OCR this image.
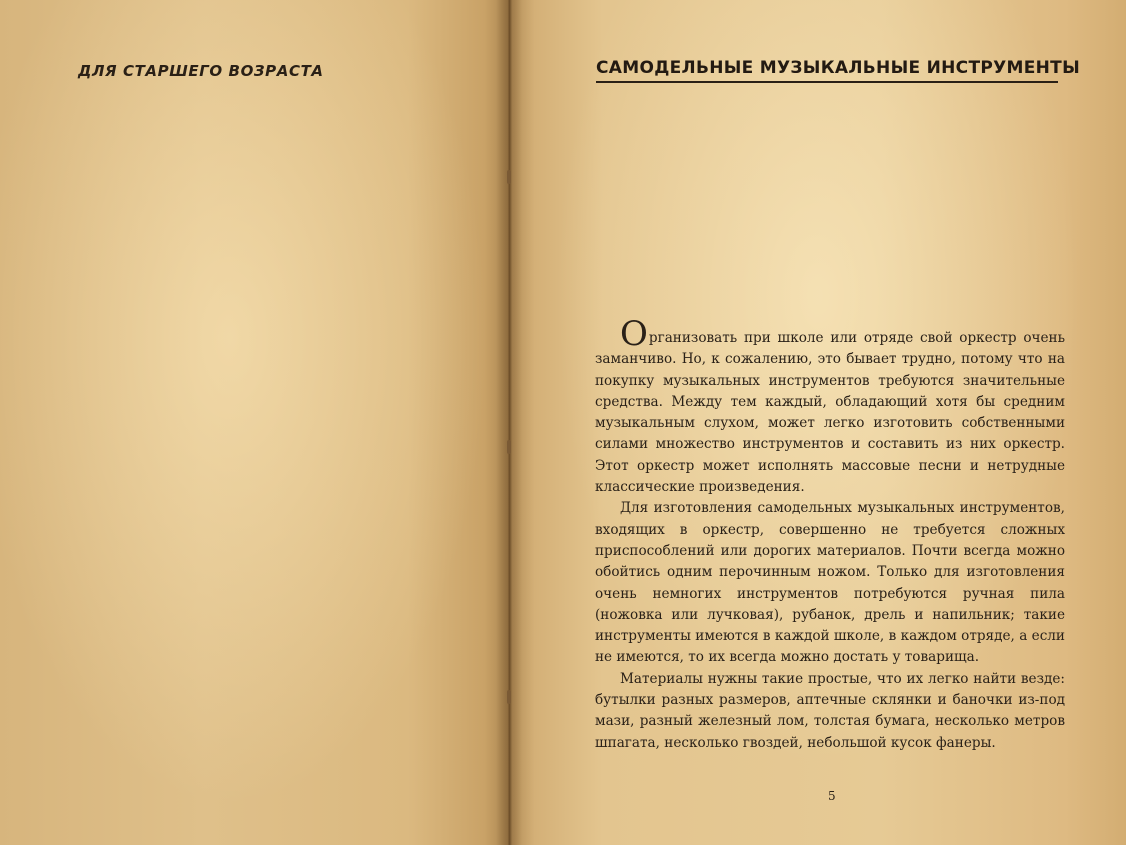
ДЛЯ СТАРШЕГО ВОЗРАСТА	САМОДЕЛЬНЫЕ МУЗЫКАЛЬНЫЕ ИНСТРУМЕНТЫ

Организовать при школе или отряде свой оркестр очень заманчиво. Но, к сожалению, это бывает трудно, потому что на покупку музыкальных инструментов требуются значительные средства. Между тем каждый, обладающий хотя бы средним музыкальным слухом, может легко изготовить собственными силами множество инструментов и составить из них оркестр. Этот оркестр может исполнять массовые песни и нетрудные классические произведения.

Для изготовления самодельных музыкальных инструментов, входящих в оркестр, совершенно не требуется сложных приспособлений или дорогих материалов. Почти всегда можно обойтись одним перочинным ножом. Только для изготовления очень немногих инструментов потребуются ручная пила (ножовка или лучковая), рубанок, дрель и напильник; такие инструменты имеются в каждой школе, в каждом отряде, а если не имеются, то их всегда можно достать у товарища.

Материалы нужны такие простые, что их легко найти везде: бутылки разных размеров, аптечные склянки и баночки из-под мази, разный железный лом, толстая бумага, несколько метров шпагата, несколько гвоздей, небольшой кусок фанеры.

5
